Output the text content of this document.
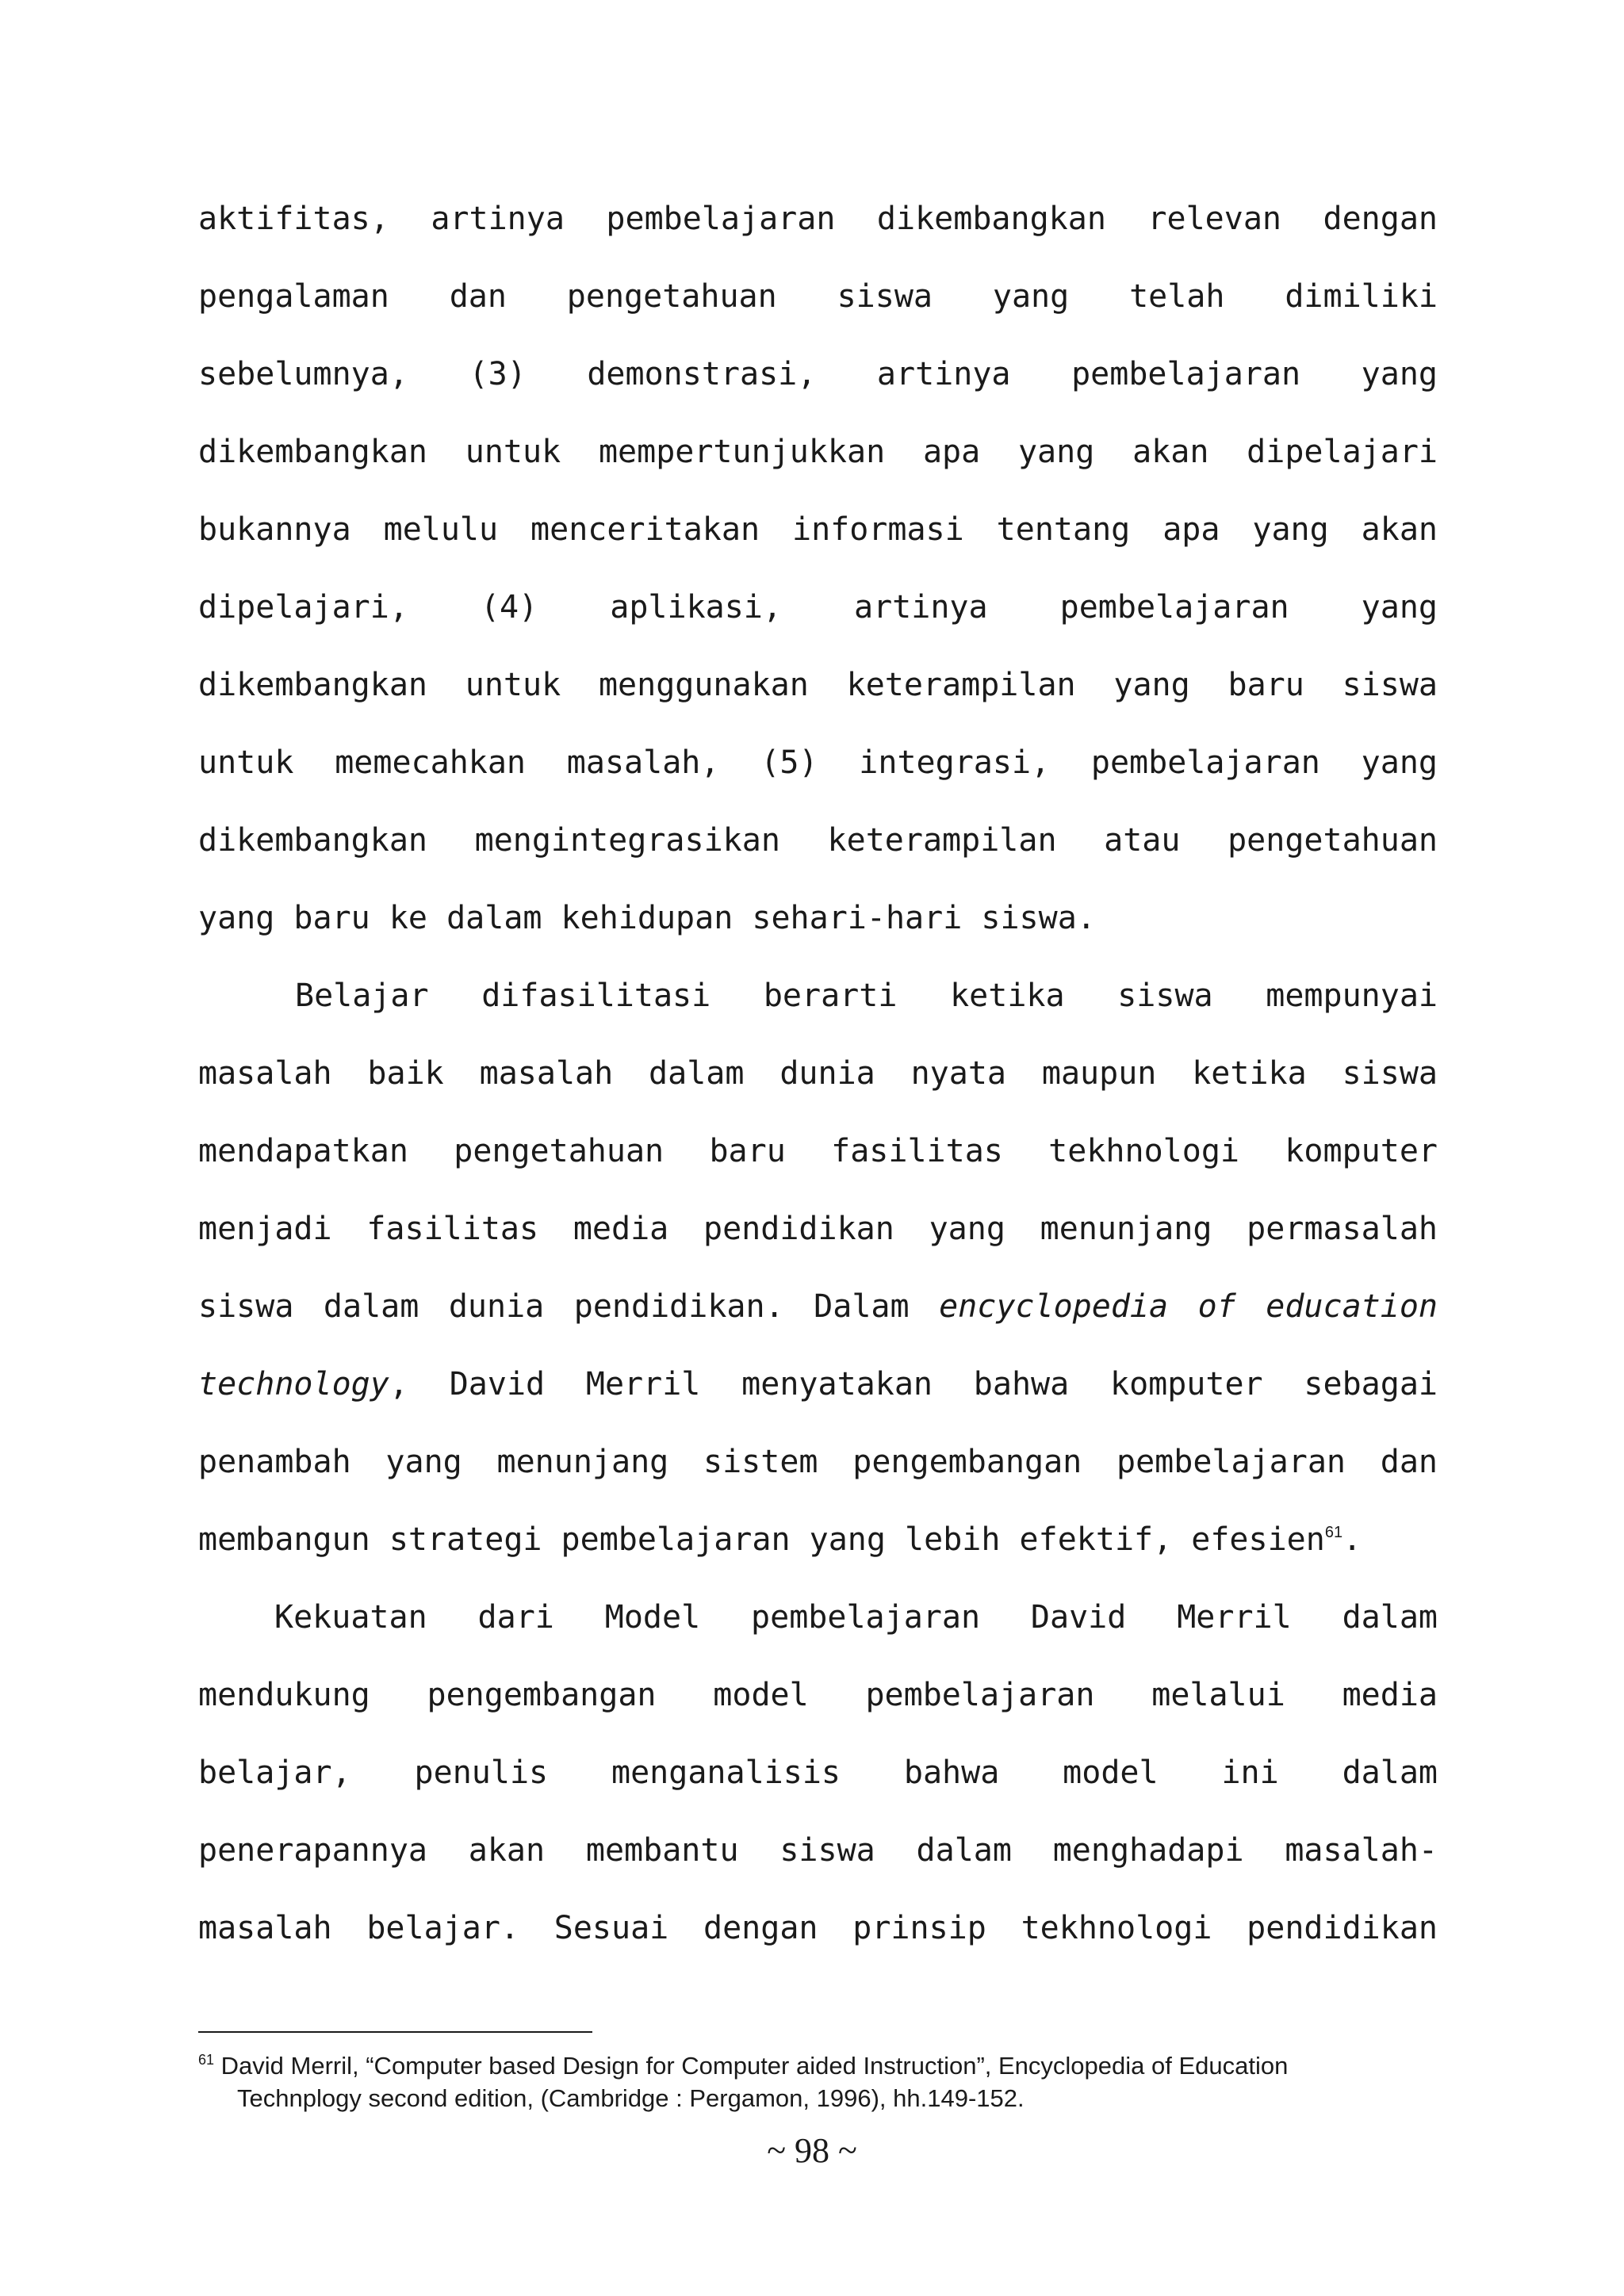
aktifitas, artinya pembelajaran dikembangkan relevan dengan
pengalaman dan pengetahuan siswa yang telah dimiliki
sebelumnya, (3) demonstrasi, artinya pembelajaran yang
dikembangkan untuk mempertunjukkan apa yang akan dipelajari
bukannya melulu menceritakan informasi tentang apa yang akan
dipelajari, (4) aplikasi, artinya pembelajaran yang
dikembangkan untuk menggunakan keterampilan yang baru siswa
untuk memecahkan masalah, (5) integrasi, pembelajaran yang
dikembangkan mengintegrasikan keterampilan atau pengetahuan
yang baru ke dalam kehidupan sehari-hari siswa.
Belajar difasilitasi berarti ketika siswa mempunyai
masalah baik masalah dalam dunia nyata maupun ketika siswa
mendapatkan pengetahuan baru fasilitas tekhnologi komputer
menjadi fasilitas media pendidikan yang menunjang permasalah
siswa dalam dunia pendidikan. Dalam encyclopedia of education
technology, David Merril menyatakan bahwa komputer sebagai
penambah yang menunjang sistem pengembangan pembelajaran dan
membangun strategi pembelajaran yang lebih efektif, efesien$^{61}$.
Kekuatan dari Model pembelajaran David Merril dalam
mendukung pengembangan model pembelajaran melalui media
belajar, penulis menganalisis bahwa model ini dalam
penerapannya akan membantu siswa dalam menghadapi masalah-
masalah belajar. Sesuai dengan prinsip tekhnologi pendidikan
$^{61}$ David Merril, “Computer based Design for Computer aided Instruction”, Encyclopedia of Education
Technplogy second edition, (Cambridge : Pergamon, 1996), hh.149-152.
~ 98 ~
